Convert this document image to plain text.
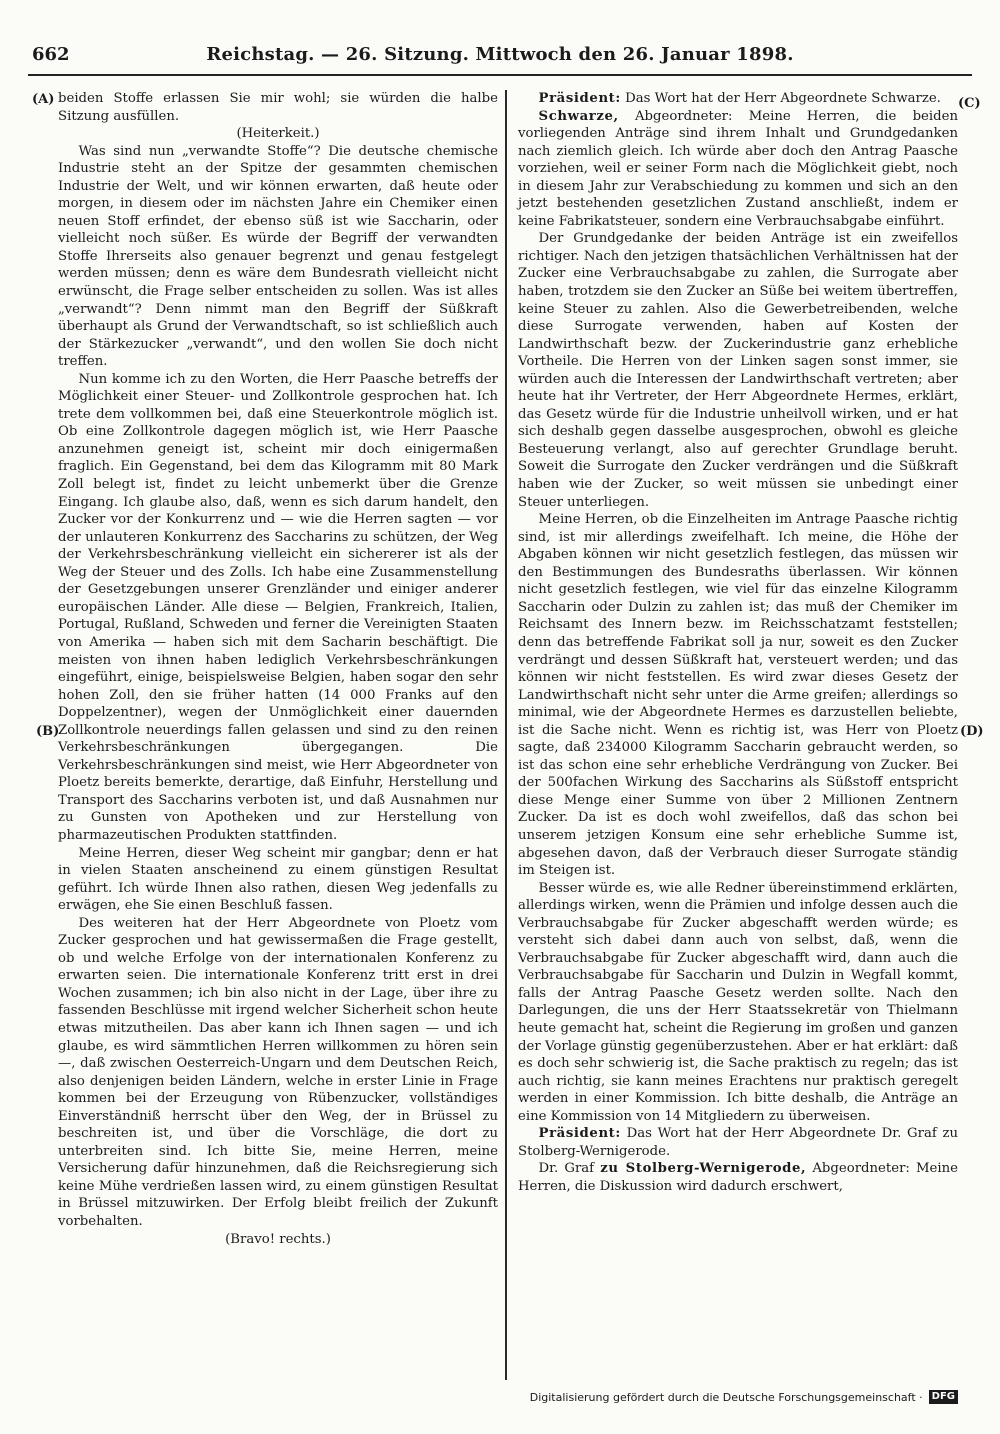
662	Reichstag. — 26. Sitzung. Mittwoch den 26. Januar 1898.
(A)
(B)
(C)
(D)

beiden Stoffe erlassen Sie mir wohl; sie würden die halbe Sitzung ausfüllen.

(Heiterkeit.)

Was sind nun „verwandte Stoffe“? Die deutsche chemische Industrie steht an der Spitze der gesammten chemischen Industrie der Welt, und wir können erwarten, daß heute oder morgen, in diesem oder im nächsten Jahre ein Chemiker einen neuen Stoff erfindet, der ebenso süß ist wie Saccharin, oder vielleicht noch süßer. Es würde der Begriff der verwandten Stoffe Ihrerseits also genauer begrenzt und genau festgelegt werden müssen; denn es wäre dem Bundesrath vielleicht nicht erwünscht, die Frage selber entscheiden zu sollen. Was ist alles „verwandt“? Denn nimmt man den Begriff der Süßkraft überhaupt als Grund der Verwandtschaft, so ist schließlich auch der Stärkezucker „verwandt“, und den wollen Sie doch nicht treffen.

Nun komme ich zu den Worten, die Herr Paasche betreffs der Möglichkeit einer Steuer- und Zollkontrole gesprochen hat. Ich trete dem vollkommen bei, daß eine Steuerkontrole möglich ist. Ob eine Zollkontrole dagegen möglich ist, wie Herr Paasche anzunehmen geneigt ist, scheint mir doch einigermaßen fraglich. Ein Gegenstand, bei dem das Kilogramm mit 80 Mark Zoll belegt ist, findet zu leicht unbemerkt über die Grenze Eingang. Ich glaube also, daß, wenn es sich darum handelt, den Zucker vor der Konkurrenz und — wie die Herren sagten — vor der unlauteren Konkurrenz des Saccharins zu schützen, der Weg der Verkehrsbeschränkung vielleicht ein sichererer ist als der Weg der Steuer und des Zolls. Ich habe eine Zusammenstellung der Gesetzgebungen unserer Grenzländer und einiger anderer europäischen Länder. Alle diese — Belgien, Frankreich, Italien, Portugal, Rußland, Schweden und ferner die Vereinigten Staaten von Amerika — haben sich mit dem Sacharin beschäftigt. Die meisten von ihnen haben lediglich Verkehrsbeschränkungen eingeführt, einige, beispielsweise Belgien, haben sogar den sehr hohen Zoll, den sie früher hatten (14 000 Franks auf den Doppelzentner), wegen der Unmöglichkeit einer dauernden Zollkontrole neuerdings fallen gelassen und sind zu den reinen Verkehrsbeschränkungen übergegangen. Die Verkehrsbeschränkungen sind meist, wie Herr Abgeordneter von Ploetz bereits bemerkte, derartige, daß Einfuhr, Herstellung und Transport des Saccharins verboten ist, und daß Ausnahmen nur zu Gunsten von Apotheken und zur Herstellung von pharmazeutischen Produkten stattfinden.

Meine Herren, dieser Weg scheint mir gangbar; denn er hat in vielen Staaten anscheinend zu einem günstigen Resultat geführt. Ich würde Ihnen also rathen, diesen Weg jedenfalls zu erwägen, ehe Sie einen Beschluß fassen.

Des weiteren hat der Herr Abgeordnete von Ploetz vom Zucker gesprochen und hat gewissermaßen die Frage gestellt, ob und welche Erfolge von der internationalen Konferenz zu erwarten seien. Die internationale Konferenz tritt erst in drei Wochen zusammen; ich bin also nicht in der Lage, über ihre zu fassenden Beschlüsse mit irgend welcher Sicherheit schon heute etwas mitzutheilen. Das aber kann ich Ihnen sagen — und ich glaube, es wird sämmtlichen Herren willkommen zu hören sein —, daß zwischen Oesterreich-Ungarn und dem Deutschen Reich, also denjenigen beiden Ländern, welche in erster Linie in Frage kommen bei der Erzeugung von Rübenzucker, vollständiges Einverständniß herrscht über den Weg, der in Brüssel zu beschreiten ist, und über die Vorschläge, die dort zu unterbreiten sind. Ich bitte Sie, meine Herren, meine Versicherung dafür hinzunehmen, daß die Reichsregierung sich keine Mühe verdrießen lassen wird, zu einem günstigen Resultat in Brüssel mitzuwirken. Der Erfolg bleibt freilich der Zukunft vorbehalten.

(Bravo! rechts.)

Präsident: Das Wort hat der Herr Abgeordnete Schwarze.

Schwarze, Abgeordneter: Meine Herren, die beiden vorliegenden Anträge sind ihrem Inhalt und Grundgedanken nach ziemlich gleich. Ich würde aber doch den Antrag Paasche vorziehen, weil er seiner Form nach die Möglichkeit giebt, noch in diesem Jahr zur Verabschiedung zu kommen und sich an den jetzt bestehenden gesetzlichen Zustand anschließt, indem er keine Fabrikatsteuer, sondern eine Verbrauchsabgabe einführt.

Der Grundgedanke der beiden Anträge ist ein zweifellos richtiger. Nach den jetzigen thatsächlichen Verhältnissen hat der Zucker eine Verbrauchsabgabe zu zahlen, die Surrogate aber haben, trotzdem sie den Zucker an Süße bei weitem übertreffen, keine Steuer zu zahlen. Also die Gewerbetreibenden, welche diese Surrogate verwenden, haben auf Kosten der Landwirthschaft bezw. der Zuckerindustrie ganz erhebliche Vortheile. Die Herren von der Linken sagen sonst immer, sie würden auch die Interessen der Landwirthschaft vertreten; aber heute hat ihr Vertreter, der Herr Abgeordnete Hermes, erklärt, das Gesetz würde für die Industrie unheilvoll wirken, und er hat sich deshalb gegen dasselbe ausgesprochen, obwohl es gleiche Besteuerung verlangt, also auf gerechter Grundlage beruht. Soweit die Surrogate den Zucker verdrängen und die Süßkraft haben wie der Zucker, so weit müssen sie unbedingt einer Steuer unterliegen.

Meine Herren, ob die Einzelheiten im Antrage Paasche richtig sind, ist mir allerdings zweifelhaft. Ich meine, die Höhe der Abgaben können wir nicht gesetzlich festlegen, das müssen wir den Bestimmungen des Bundesraths überlassen. Wir können nicht gesetzlich festlegen, wie viel für das einzelne Kilogramm Saccharin oder Dulzin zu zahlen ist; das muß der Chemiker im Reichsamt des Innern bezw. im Reichsschatzamt feststellen; denn das betreffende Fabrikat soll ja nur, soweit es den Zucker verdrängt und dessen Süßkraft hat, versteuert werden; und das können wir nicht feststellen. Es wird zwar dieses Gesetz der Landwirthschaft nicht sehr unter die Arme greifen; allerdings so minimal, wie der Abgeordnete Hermes es darzustellen beliebte, ist die Sache nicht. Wenn es richtig ist, was Herr von Ploetz sagte, daß 234000 Kilogramm Saccharin gebraucht werden, so ist das schon eine sehr erhebliche Verdrängung von Zucker. Bei der 500fachen Wirkung des Saccharins als Süßstoff entspricht diese Menge einer Summe von über 2 Millionen Zentnern Zucker. Da ist es doch wohl zweifellos, daß das schon bei unserem jetzigen Konsum eine sehr erhebliche Summe ist, abgesehen davon, daß der Verbrauch dieser Surrogate ständig im Steigen ist.

Besser würde es, wie alle Redner übereinstimmend erklärten, allerdings wirken, wenn die Prämien und infolge dessen auch die Verbrauchsabgabe für Zucker abgeschafft werden würde; es versteht sich dabei dann auch von selbst, daß, wenn die Verbrauchsabgabe für Zucker abgeschafft wird, dann auch die Verbrauchsabgabe für Saccharin und Dulzin in Wegfall kommt, falls der Antrag Paasche Gesetz werden sollte. Nach den Darlegungen, die uns der Herr Staatssekretär von Thielmann heute gemacht hat, scheint die Regierung im großen und ganzen der Vorlage günstig gegenüberzustehen. Aber er hat erklärt: daß es doch sehr schwierig ist, die Sache praktisch zu regeln; das ist auch richtig, sie kann meines Erachtens nur praktisch geregelt werden in einer Kommission. Ich bitte deshalb, die Anträge an eine Kommission von 14 Mitgliedern zu überweisen.

Präsident: Das Wort hat der Herr Abgeordnete Dr. Graf zu Stolberg-Wernigerode.

Dr. Graf zu Stolberg-Wernigerode, Abgeordneter: Meine Herren, die Diskussion wird dadurch erschwert,

Digitalisierung gefördert durch die Deutsche Forschungsgemeinschaft · DFG
